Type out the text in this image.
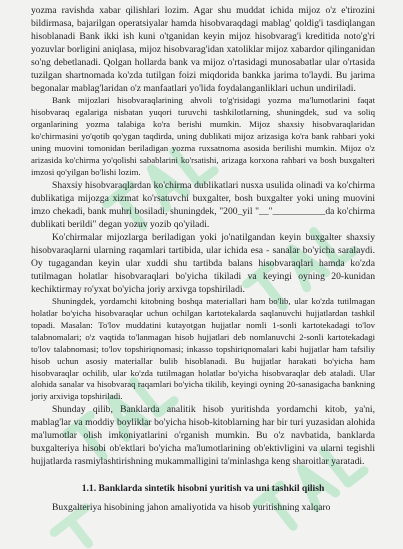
yozma ravishda xabar qilishlari lozim. Agar shu muddat ichida mijoz o'z e'tirozini bildirmasa, bajarilgan operatsiyalar hamda hisobvaraqdagi mablag' qoldig'i tasdiqlangan hisoblanadi Bank ikki ish kuni o'tganidan keyin mijoz hisobvarag'i kreditida noto'g'ri yozuvlar borligini aniqlasa, mijoz hisobvarag'idan xatoliklar mijoz xabardor qilinganidan so'ng debetlanadi. Qolgan hollarda bank va mijoz o'rtasidagi munosabatlar ular o'rtasida tuzilgan shartnomada ko'zda tutilgan foizi miqdorida bankka jarima to'laydi. Bu jarima begonalar mablag'laridan o'z manfaatlari yo'lida foydalanganliklari uchun undiriladi.

Bank mijozlari hisobvaraqlarining ahvoli to'g'risidagi yozma ma'lumotlarini faqat hisobvaraq egalariga nisbatan yuqori turuvchi tashkilotlarning, shuningdek, sud va soliq organlarining yozma talabiga ko'ra berishi mumkin. Mijoz shaxsiy hisobvaraqlaridan ko'chirmasini yo'qotib qo'ygan taqdirda, uning dublikati mijoz arizasiga ko'ra bank rahbari yoki uning muovini tomonidan beriladigan yozma ruxsatnoma asosida berilishi mumkin. Mijoz o'z arizasida ko'chirma yo'qolishi sabablarini ko'rsatishi, arizaga korxona rahbari va bosh buxgalteri imzosi qo'yilgan bo'lishi lozim.

Shaxsiy hisobvaraqlardan ko'chirma dublikatlari nusxa usulida olinadi va ko'chirma dublikatiga mijozga xizmat ko'rsatuvchi buxgalter, bosh buxgalter yoki uning muovini imzo chekadi, bank muhri bosiladi, shuningdek, "200_yil "__"___________da ko'chirma dublikati berildi" degan yozuv yozib qo'yiladi.

Ko'chirmalar mijozlarga beriladigan yoki jo'natilgandan keyin buxgalter shaxsiy hisobvaraqlarni ularning raqamlari tartibida, ular ichida esa - sanalar bo'yicha saralaydi. Oy tugagandan keyin ular xuddi shu tartibda balans hisobvaraqlari hamda ko'zda tutilmagan holatlar hisobvaraqlari bo'yicha tikiladi va keyingi oyning 20-kunidan kechiktirmay ro'yxat bo'yicha joriy arxivga topshiriladi.

Shuningdek, yordamchi kitobning boshqa materiallari ham bo'lib, ular ko'zda tutilmagan holatlar bo'yicha hisobvaraqlar uchun ochilgan kartotekalarda saqlanuvchi hujjatlardan tashkil topadi. Masalan: To'lov muddatini kutayotgan hujjatlar nomli 1-sonli kartotekadagi to'lov talabnomalari; o'z vaqtida to'lanmagan hisob hujjatlari deb nomlanuvchi 2-sonli kartotekadagi to'lov talabnomasi; to'lov topshiriqnomasi; inkasso topshiriqnomalari kabi hujjatlar ham tafsiliy hisob uchun asosiy materiallar bulib hisoblanadi. Bu hujjatlar harakati bo'yicha ham hisobvaraqlar ochilib, ular ko'zda tutilmagan holatlar bo'yicha hisobvaraqlar deb ataladi. Ular alohida sanalar va hisobvaraq raqamlari bo'yicha tikilib, keyingi oyning 20-sanasigacha bankning joriy arxiviga topshiriladi.

Shunday qilib, Banklarda analitik hisob yuritishda yordamchi kitob, ya'ni, mablag'lar va moddiy boyliklar bo'yicha hisob-kitoblarning har bir turi yuzasidan alohida ma'lumotlar olish imkoniyatlarini o'rganish mumkin. Bu o'z navbatida, banklarda buxgalteriya hisobi ob'ektlari bo'yicha ma'lumotlarining ob'ektivligini va ularni tegishli hujjatlarda rasmiylashtirishning mukammalligini ta'minlashga keng sharoitlar yaratadi.

1.1. Banklarda sintetik hisobni yuritish va uni tashkil qilish

Buxgalteriya hisobining jahon amaliyotida va hisob yuritishning xalqaro
